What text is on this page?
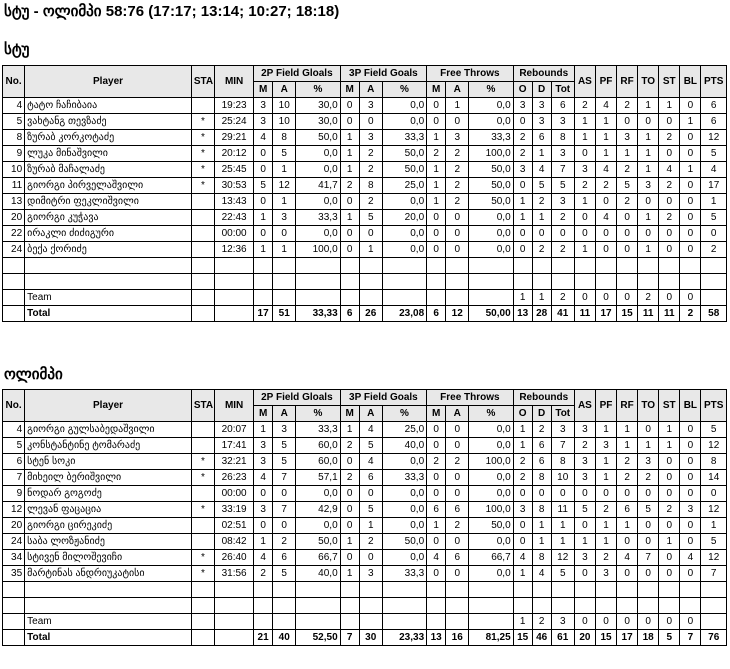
სტუ - ოლიმპი 58:76 (17:17; 13:14; 10:27; 18:18)
სტუ
No.	Player	STA	MIN	2P Field Gloals			3P Field Goals			Free Throws			Rebounds			AS	PF	RF	TO	ST	BL	PTS
				M	A	%	M	A	%	M	A	%	O	D	Tot							
4	ტატო ჩაჩიბაია		19:23	3	10	30,0	0	3	0,0	0	1	0,0	3	3	6	2	4	2	1	1	0	6
5	ვახტანგ თევზაძე	*	25:24	3	10	30,0	0	0	0,0	0	0	0,0	0	3	3	1	1	0	0	0	1	6
8	ზურაბ კორკოტაძე	*	29:21	4	8	50,0	1	3	33,3	1	3	33,3	2	6	8	1	1	3	1	2	0	12
9	ლუკა მინაშვილი	*	20:12	0	5	0,0	1	2	50,0	2	2	100,0	2	1	3	0	1	1	1	0	0	5
10	ზურაბ მაჩალაძე	*	25:45	0	1	0,0	1	2	50,0	1	2	50,0	3	4	7	3	4	2	1	4	1	4
11	გიორგი პირველაშვილი	*	30:53	5	12	41,7	2	8	25,0	1	2	50,0	0	5	5	2	2	5	3	2	0	17
13	დიმიტრი ფეკლიშვილი		13:43	0	1	0,0	0	2	0,0	1	2	50,0	1	2	3	1	0	2	0	0	0	1
20	გიორგი კუჭავა		22:43	1	3	33,3	1	5	20,0	0	0	0,0	1	1	2	0	4	0	1	2	0	5
22	ირაკლი ძიძიგური		00:00	0	0	0,0	0	0	0,0	0	0	0,0	0	0	0	0	0	0	0	0	0	0
24	ბექა ქორიძე		12:36	1	1	100,0	0	1	0,0	0	0	0,0	0	2	2	1	0	0	1	0	0	2

	Team												1	1	2	0	0	0	2	0	0	
	Total			17	51	33,33	6	26	23,08	6	12	50,00	13	28	41	11	17	15	11	11	2	58
ოლიმპი
No.	Player	STA	MIN	2P Field Gloals			3P Field Goals			Free Throws			Rebounds			AS	PF	RF	TO	ST	BL	PTS
				M	A	%	M	A	%	M	A	%	O	D	Tot							
4	გიორგი გულსაბედაშვილი		20:07	1	3	33,3	1	4	25,0	0	0	0,0	1	2	3	3	1	1	0	1	0	5
5	კონსტანტინე ტომარაძე		17:41	3	5	60,0	2	5	40,0	0	0	0,0	1	6	7	2	3	1	1	1	0	12
6	სტენ სოკი	*	32:21	3	5	60,0	0	4	0,0	2	2	100,0	2	6	8	3	1	2	3	0	0	8
7	მიხეილ ბერიშვილი	*	26:23	4	7	57,1	2	6	33,3	0	0	0,0	2	8	10	3	1	2	2	0	0	14
9	ნოდარ გოგოძე		00:00	0	0	0,0	0	0	0,0	0	0	0,0	0	0	0	0	0	0	0	0	0	0
12	ლევან ფაცაცია	*	33:19	3	7	42,9	0	5	0,0	6	6	100,0	3	8	11	5	2	6	5	2	3	12
20	გიორგი ცირეკიძე		02:51	0	0	0,0	0	1	0,0	1	2	50,0	0	1	1	0	1	1	0	0	0	1
24	საბა ლოზჟანიძე		08:42	1	2	50,0	1	2	50,0	0	0	0,0	0	1	1	1	1	0	0	1	0	5
34	სტივენ მილოშევიჩი	*	26:40	4	6	66,7	0	0	0,0	4	6	66,7	4	8	12	3	2	4	7	0	4	12
35	მარტინას ანდრიუკატისი	*	31:56	2	5	40,0	1	3	33,3	0	0	0,0	1	4	5	0	3	0	0	0	0	7

	Team												1	2	3	0	0	0	0	0	0	
	Total			21	40	52,50	7	30	23,33	13	16	81,25	15	46	61	20	15	17	18	5	7	76
